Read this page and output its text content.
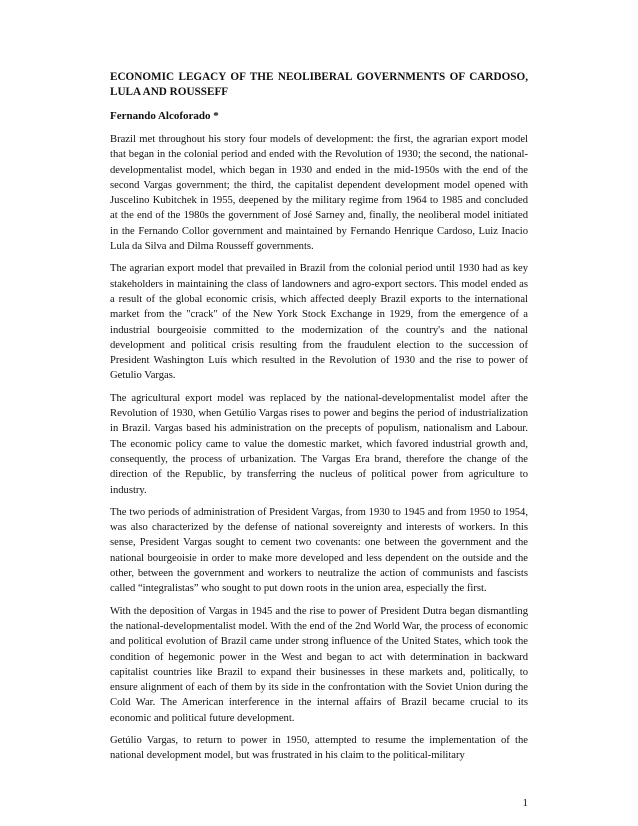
ECONOMIC LEGACY OF THE NEOLIBERAL GOVERNMENTS OF CARDOSO, LULA AND ROUSSEFF
Fernando Alcoforado *

Brazil met throughout his story four models of development: the first, the agrarian export model that began in the colonial period and ended with the Revolution of 1930; the second, the national-developmentalist model, which began in 1930 and ended in the mid-1950s with the end of the second Vargas government; the third, the capitalist dependent development model opened with Juscelino Kubitchek in 1955, deepened by the military regime from 1964 to 1985 and concluded at the end of the 1980s the government of José Sarney and, finally, the neoliberal model initiated in the Fernando Collor government and maintained by Fernando Henrique Cardoso, Luiz Inacio Lula da Silva and Dilma Rousseff governments.

The agrarian export model that prevailed in Brazil from the colonial period until 1930 had as key stakeholders in maintaining the class of landowners and agro-export sectors. This model ended as a result of the global economic crisis, which affected deeply Brazil exports to the international market from the "crack" of the New York Stock Exchange in 1929, from the emergence of a industrial bourgeoisie committed to the modernization of the country's and the national development and political crisis resulting from the fraudulent election to the succession of President Washington Luís which resulted in the Revolution of 1930 and the rise to power of Getulio Vargas.

The agricultural export model was replaced by the national-developmentalist model after the Revolution of 1930, when Getúlio Vargas rises to power and begins the period of industrialization in Brazil. Vargas based his administration on the precepts of populism, nationalism and Labour. The economic policy came to value the domestic market, which favored industrial growth and, consequently, the process of urbanization. The Vargas Era brand, therefore the change of the direction of the Republic, by transferring the nucleus of political power from agriculture to industry.

The two periods of administration of President Vargas, from 1930 to 1945 and from 1950 to 1954, was also characterized by the defense of national sovereignty and interests of workers. In this sense, President Vargas sought to cement two covenants: one between the government and the national bourgeoisie in order to make more developed and less dependent on the outside and the other, between the government and workers to neutralize the action of communists and fascists called “integralistas” who sought to put down roots in the union area, especially the first.

With the deposition of Vargas in 1945 and the rise to power of President Dutra began dismantling the national-developmentalist model. With the end of the 2nd World War, the process of economic and political evolution of Brazil came under strong influence of the United States, which took the condition of hegemonic power in the West and began to act with determination in backward capitalist countries like Brazil to expand their businesses in these markets and, politically, to ensure alignment of each of them by its side in the confrontation with the Soviet Union during the Cold War. The American interference in the internal affairs of Brazil became crucial to its economic and political future development.

Getúlio Vargas, to return to power in 1950, attempted to resume the implementation of the national development model, but was frustrated in his claim to the political-military

1
